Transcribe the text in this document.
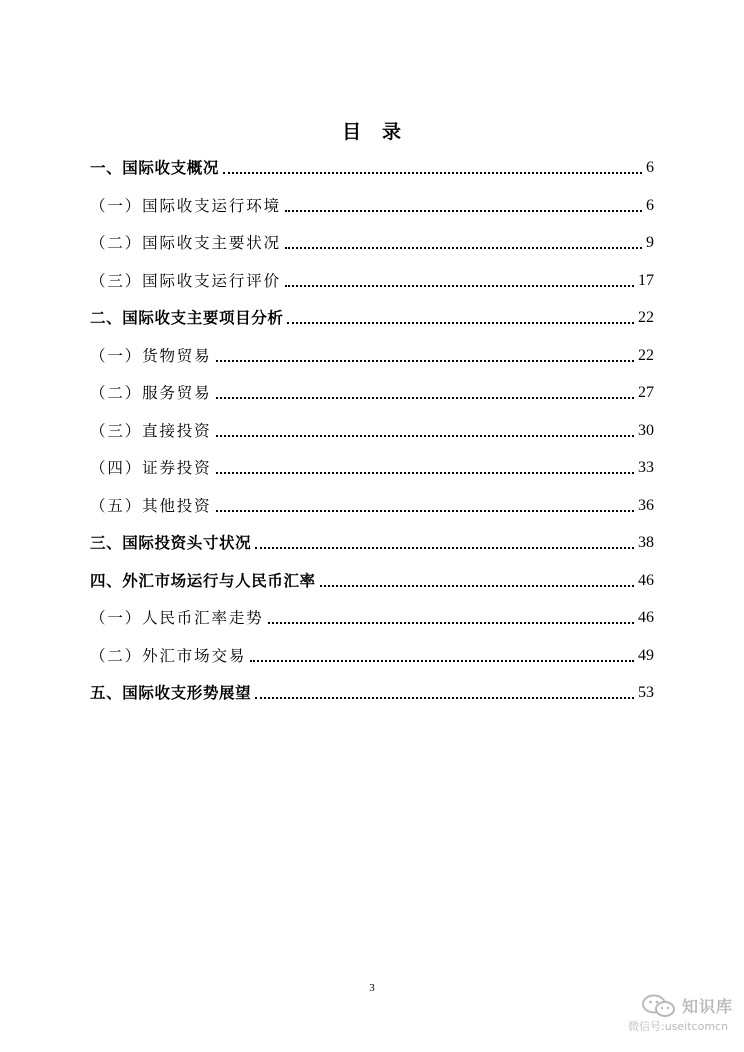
目　录
一、国际收支概况	6
（一）国际收支运行环境	6
（二）国际收支主要状况	9
（三）国际收支运行评价	17
二、国际收支主要项目分析	22
（一）货物贸易	22
（二）服务贸易	27
（三）直接投资	30
（四）证券投资	33
（五）其他投资	36
三、国际投资头寸状况	38
四、外汇市场运行与人民币汇率	46
（一）人民币汇率走势	46
（二）外汇市场交易	49
五、国际收支形势展望	53
3
知识库
微信号:useitcomcn
